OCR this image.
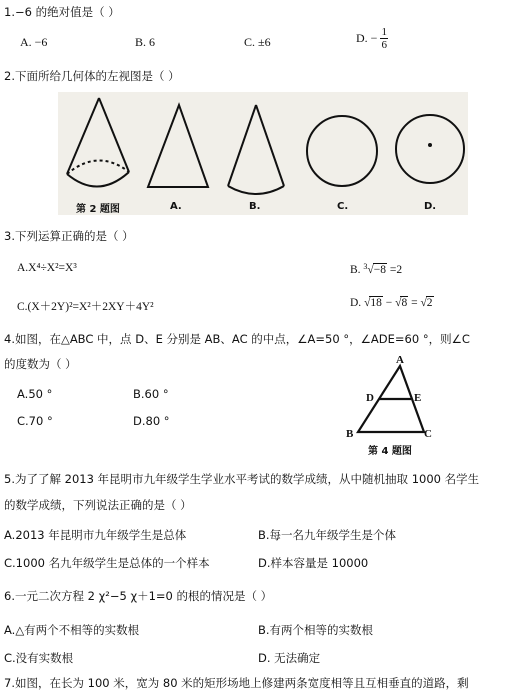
1.−6 的绝对值是（ ）
A. −6	B. 6	C. ±6	D. − $\frac{1}{6}$
2.下面所给几何体的左视图是（ ）
第 2 题图	A.	B.	C.	D.
3.下列运算正确的是（ ）
A.X⁴÷X²=X³	B. $^3$√−8 =2
C.(X＋2Y)²=X²＋2XY＋4Y²	D. √18 − √8 = √2
4.如图，在△ABC 中，点 D、E 分别是 AB、AC 的中点，∠A=50 °，∠ADE=60 °，则∠C
的度数为（ ）
A.50 °	B.60 °
C.70 °	D.80 °
A
D	E
B	C
第 4 题图
5.为了了解 2013 年昆明市九年级学生学业水平考试的数学成绩，从中随机抽取 1000 名学生
的数学成绩，下列说法正确的是（ ）
A.2013 年昆明市九年级学生是总体	B.每一名九年级学生是个体
C.1000 名九年级学生是总体的一个样本	D.样本容量是 10000
6.一元二次方程 2 χ²−5 χ＋1=0 的根的情况是（ ）
A.△有两个不相等的实数根	B.有两个相等的实数根
C.没有实数根	D. 无法确定
7.如图，在长为 100 米，宽为 80 米的矩形场地上修建两条宽度相等且互相垂直的道路，剩
